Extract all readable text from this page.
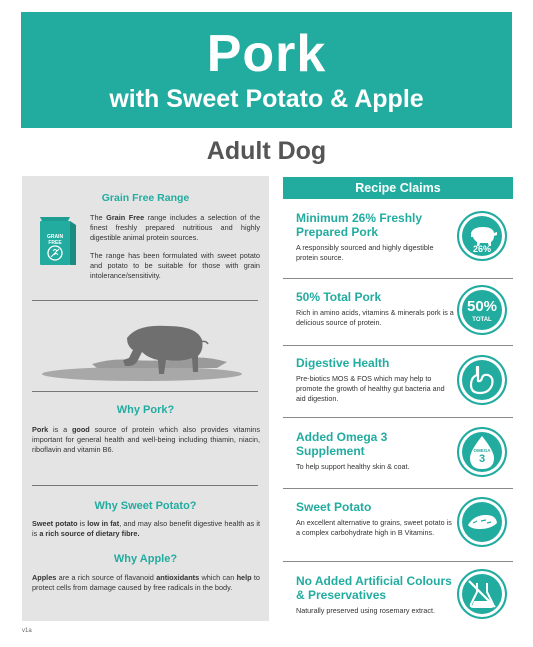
Pork
with Sweet Potato & Apple
Adult Dog
Grain Free Range
GRAIN FREE
The Grain Free range includes a selection of the finest freshly prepared nutritious and highly digestible animal protein sources.
The range has been formulated with sweet potato and potato to be suitable for those with grain intolerance/sensitivity.
Why Pork?
Pork is a good source of protein which also provides vitamins important for general health and well-being including thiamin, niacin, riboflavin and vitamin B6.
Why Sweet Potato?
Sweet potato is low in fat, and may also benefit digestive health as it is a rich source of dietary fibre.
Why Apple?
Apples are a rich source of flavanoid antioxidants which can help to protect cells from damage caused by free radicals in the body.
Recipe Claims
Minimum 26% Freshly Prepared Pork
A responsibly sourced and highly digestible protein source.
26%
50% Total Pork
Rich in amino acids, vitamins & minerals pork is a delicious source of protein.
50%
TOTAL
Digestive Health
Pre-biotics MOS & FOS which may help to promote the growth of healthy gut bacteria and aid digestion.
Added Omega 3 Supplement
To help support healthy skin & coat.
OMEGA
3
Sweet Potato
An excellent alternative to grains, sweet potato is a complex carbohydrate high in B Vitamins.
No Added Artificial Colours & Preservatives
Naturally preserved using rosemary extract.
v1a
